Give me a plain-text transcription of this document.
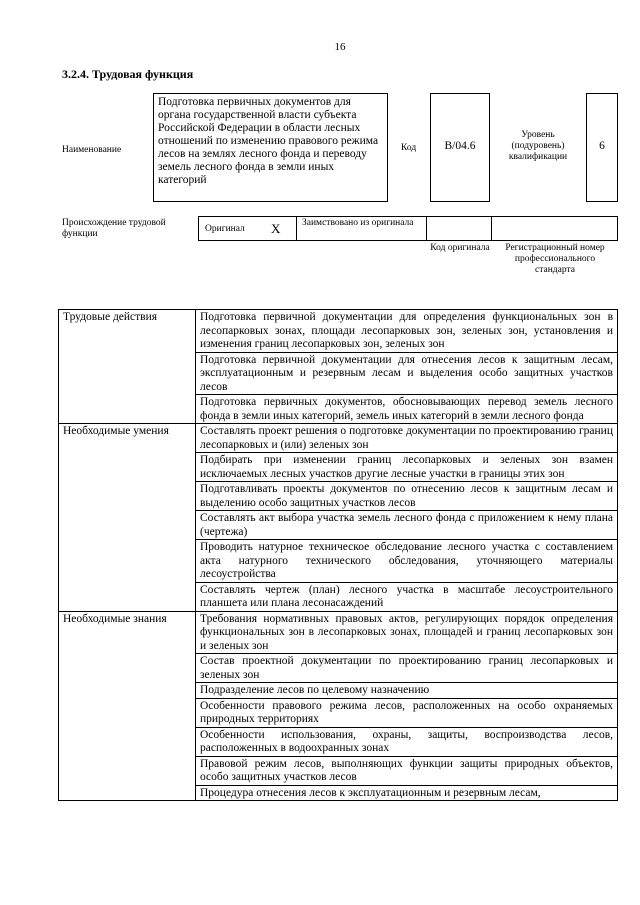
16
3.2.4. Трудовая функция
Наименование
Подготовка первичных документов для органа государственной власти субъекта Российской Федерации в области лесных отношений по изменению правового режима лесов на землях лесного фонда и переводу земель лесного фонда в земли иных категорий
Код	B/04.6
Уровень (подуровень) квалификации
6
Происхождение трудовой функции	Оригинал X Заимствовано из оригинала
Код оригинала	Регистрационный номер профессионального стандарта
Трудовые действия	Подготовка первичной документации для определения функциональных зон в лесопарковых зонах, площади лесопарковых зон, зеленых зон, установления и изменения границ лесопарковых зон, зеленых зон
	Подготовка первичной документации для отнесения лесов к защитным лесам, эксплуатационным и резервным лесам и выделения особо защитных участков лесов
	Подготовка первичных документов, обосновывающих перевод земель лесного фонда в земли иных категорий, земель иных категорий в земли лесного фонда
Необходимые умения	Составлять проект решения о подготовке документации по проектированию границ лесопарковых и (или) зеленых зон
	Подбирать при изменении границ лесопарковых и зеленых зон взамен исключаемых лесных участков другие лесные участки в границы этих зон
	Подготавливать проекты документов по отнесению лесов к защитным лесам и выделению особо защитных участков лесов
	Составлять акт выбора участка земель лесного фонда с приложением к нему плана (чертежа)
	Проводить натурное техническое обследование лесного участка с составлением акта натурного технического обследования, уточняющего материалы лесоустройства
	Составлять чертеж (план) лесного участка в масштабе лесоустроительного планшета или плана лесонасаждений
Необходимые знания	Требования нормативных правовых актов, регулирующих порядок определения функциональных зон в лесопарковых зонах, площадей и границ лесопарковых зон и зеленых зон
	Состав проектной документации по проектированию границ лесопарковых и зеленых зон
	Подразделение лесов по целевому назначению
	Особенности правового режима лесов, расположенных на особо охраняемых природных территориях
	Особенности использования, охраны, защиты, воспроизводства лесов, расположенных в водоохранных зонах
	Правовой режим лесов, выполняющих функции защиты природных объектов, особо защитных участков лесов
	Процедура отнесения лесов к эксплуатационным и резервным лесам,
